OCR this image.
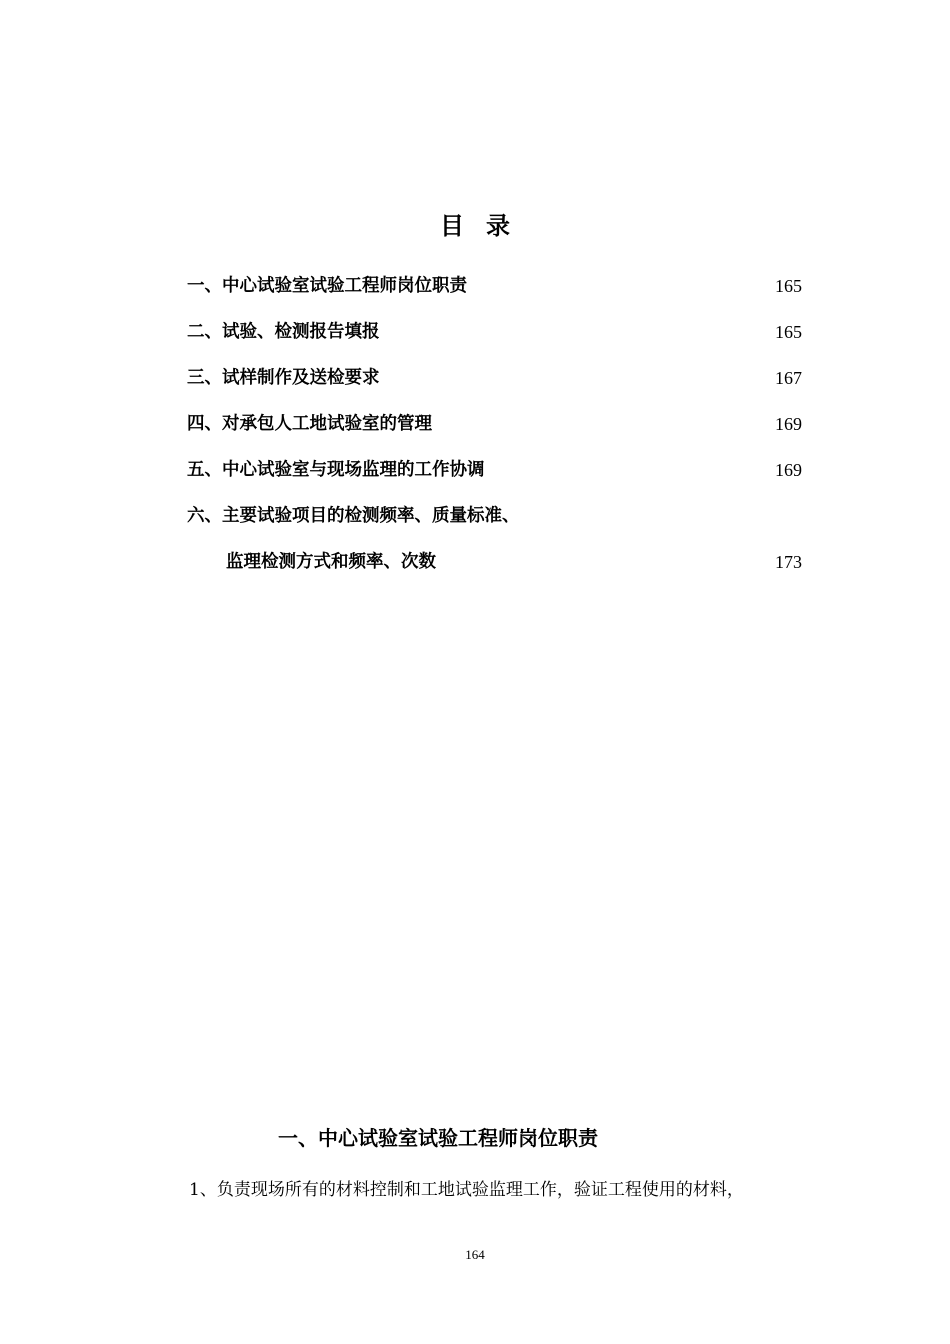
目录
一、中心试验室试验工程师岗位职责	165
二、试验、检测报告填报	165
三、试样制作及送检要求	167
四、对承包人工地试验室的管理	169
五、中心试验室与现场监理的工作协调	169
六、主要试验项目的检测频率、质量标准、
监理检测方式和频率、次数	173
一、中心试验室试验工程师岗位职责
1、负责现场所有的材料控制和工地试验监理工作，验证工程使用的材料，
164
